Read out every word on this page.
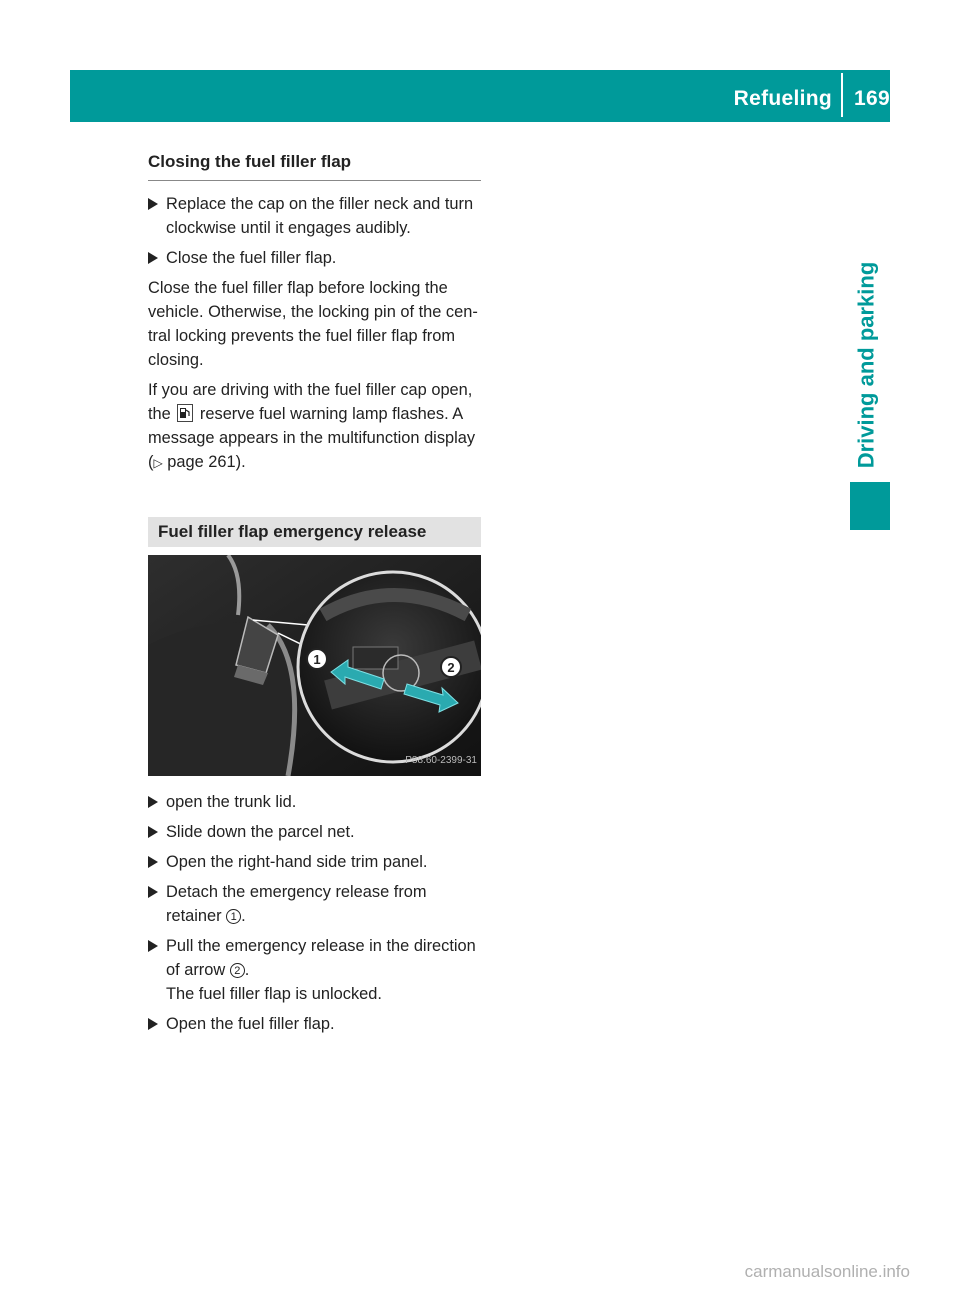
Refueling 169
Driving and parking
Closing the fuel filler flap
Replace the cap on the filler neck and turn clockwise until it engages audibly.
Close the fuel filler flap.
Close the fuel filler flap before locking the vehicle. Otherwise, the locking pin of the cen-tral locking prevents the fuel filler flap from closing.
If you are driving with the fuel filler cap open, the reserve fuel warning lamp flashes. A message appears in the multifunction display (▷ page 261).
Fuel filler flap emergency release
1
2
P88.60-2399-31
open the trunk lid.
Slide down the parcel net.
Open the right-hand side trim panel.
Detach the emergency release from retainer 1 .
Pull the emergency release in the direction of arrow 2 .
The fuel filler flap is unlocked.
Open the fuel filler flap.
carmanualsonline.info
